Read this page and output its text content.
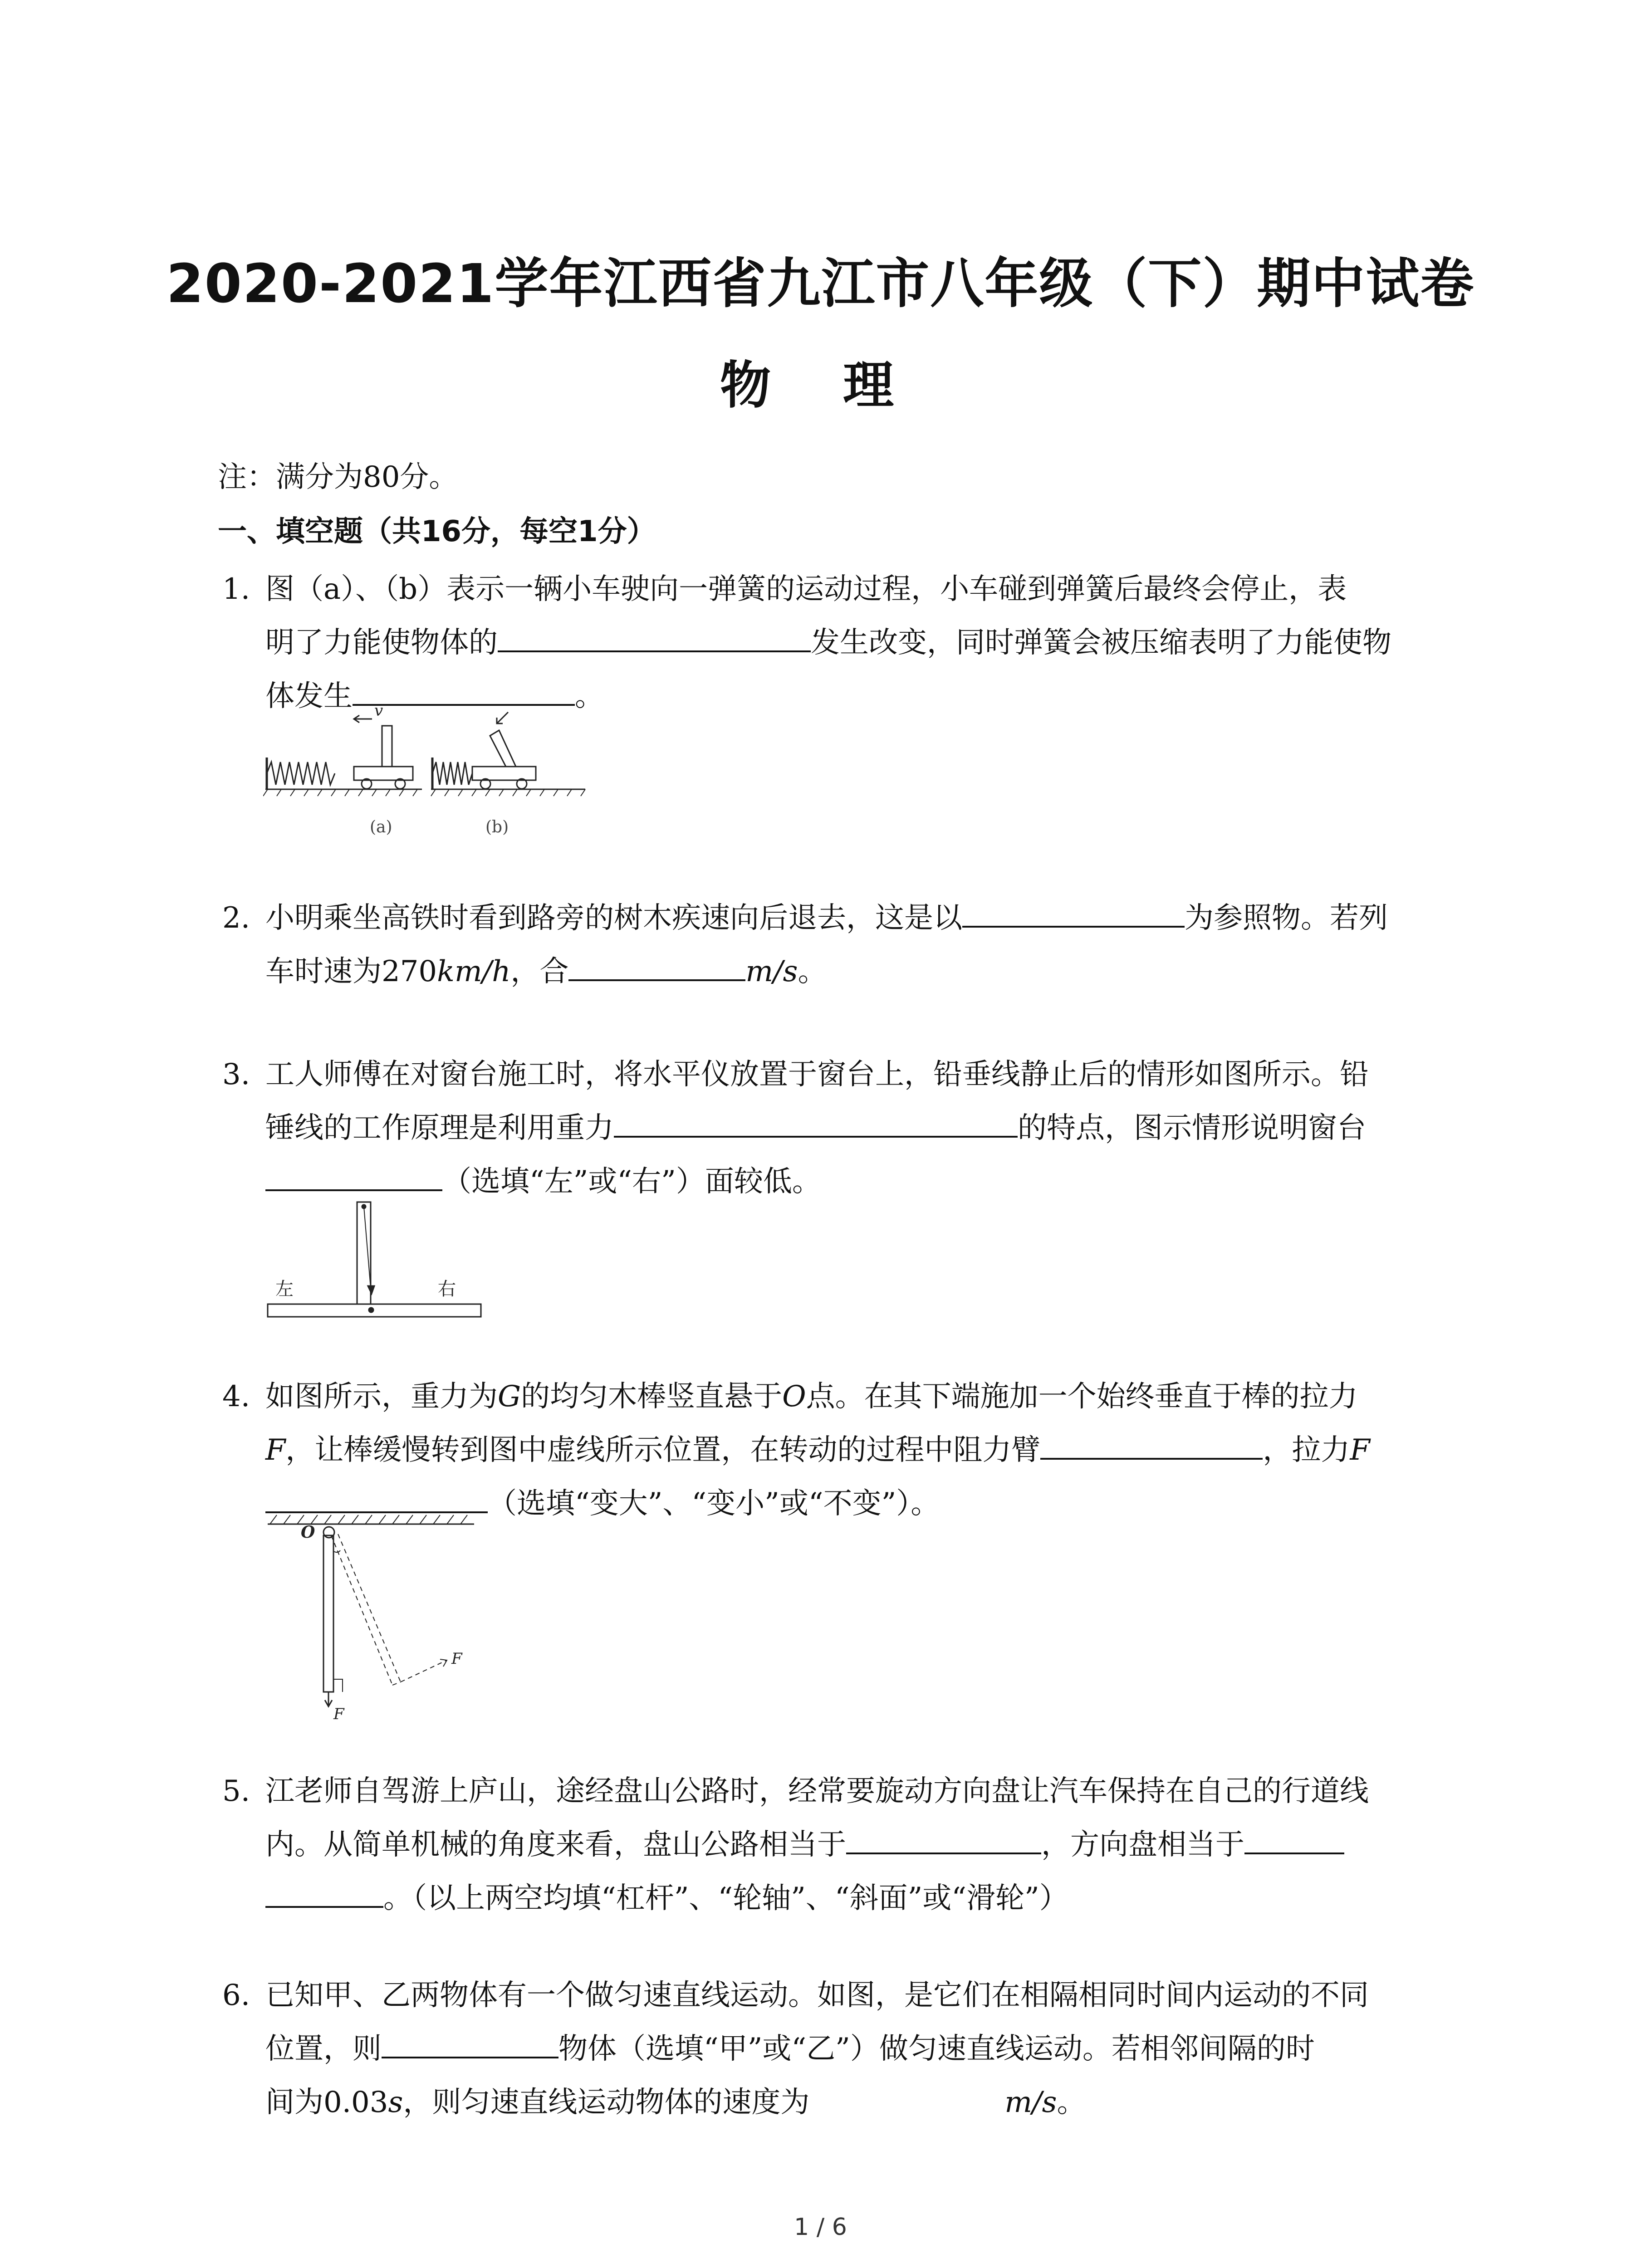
2020-2021学年江西省九江市八年级（下）期中试卷
物 理
注：满分为80分。
一、填空题（共16分，每空1分）
1. 图（a）、（b）表示一辆小车驶向一弹簧的运动过程，小车碰到弹簧后最终会停止，表
明了力能使物体的	发生改变，同时弹簧会被压缩表明了力能使物
体发生	。
v
(a)	(b)
2. 小明乘坐高铁时看到路旁的树木疾速向后退去，这是以	为参照物。若列
车时速为270km/h，合	m/s。
3. 工人师傅在对窗台施工时，将水平仪放置于窗台上，铅垂线静止后的情形如图所示。铅
锤线的工作原理是利用重力	的特点，图示情形说明窗台
（选填“左”或“右”）面较低。
左	右
4. 如图所示，重力为G的均匀木棒竖直悬于O点。在其下端施加一个始终垂直于棒的拉力
F，让棒缓慢转到图中虚线所示位置，在转动的过程中阻力臂	，拉力F
（选填“变大”、“变小”或“不变”）。
O
F
F
5. 江老师自驾游上庐山，途经盘山公路时，经常要旋动方向盘让汽车保持在自己的行道线
内。从简单机械的角度来看，盘山公路相当于	，方向盘相当于
。（以上两空均填“杠杆”、“轮轴”、“斜面”或“滑轮”）
6. 已知甲、乙两物体有一个做匀速直线运动。如图，是它们在相隔相同时间内运动的不同
位置，则	物体（选填“甲”或“乙”）做匀速直线运动。若相邻间隔的时
间为0.03s，则匀速直线运动物体的速度为	m/s。
1 / 6
